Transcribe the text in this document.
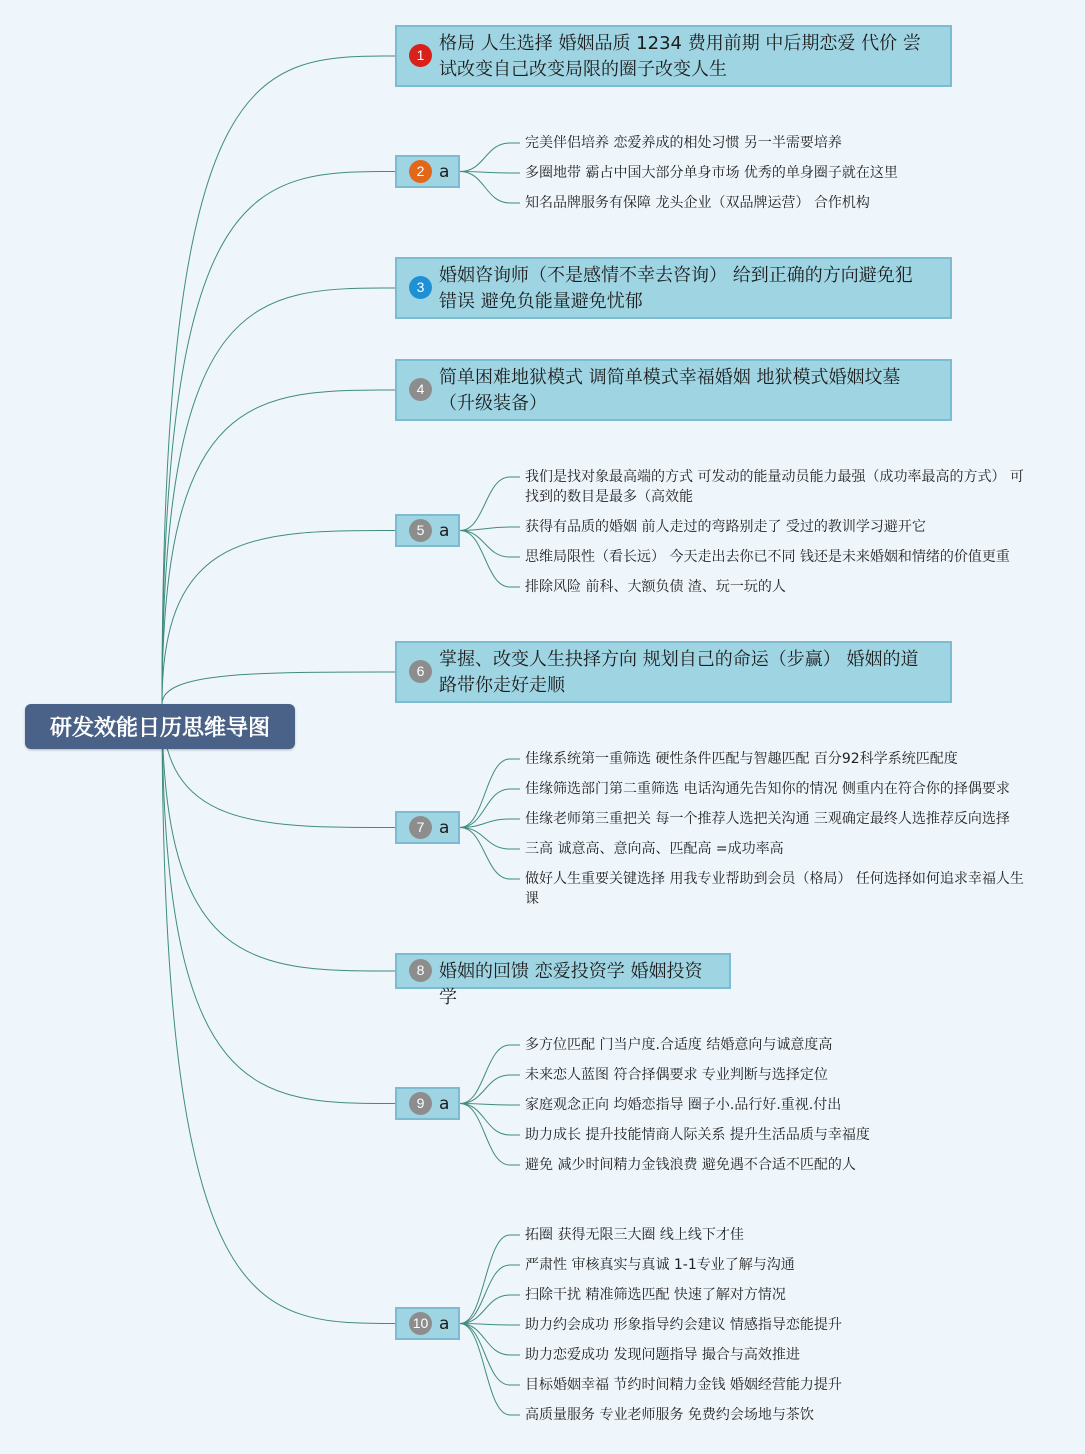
研发效能日历思维导图
1
格局 人生选择 婚姻品质 1234 费用前期 中后期恋爱 代价 尝试改变自己改变局限的圈子改变人生
2 a
完美伴侣培养 恋爱养成的相处习惯 另一半需要培养
多圈地带 霸占中国大部分单身市场 优秀的单身圈子就在这里
知名品牌服务有保障 龙头企业（双品牌运营） 合作机构
3
婚姻咨询师（不是感情不幸去咨询） 给到正确的方向避免犯错误 避免负能量避免忧郁
4
简单困难地狱模式 调简单模式幸福婚姻 地狱模式婚姻坟墓（升级装备）
5 a
我们是找对象最高端的方式 可发动的能量动员能力最强（成功率最高的方式） 可找到的数目是最多（高效能
获得有品质的婚姻 前人走过的弯路别走了 受过的教训学习避开它
思维局限性（看长远） 今天走出去你已不同 钱还是未来婚姻和情绪的价值更重
排除风险 前科、大额负债 渣、玩一玩的人
6
掌握、改变人生抉择方向 规划自己的命运（步赢） 婚姻的道路带你走好走顺
7 a
佳缘系统第一重筛选 硬性条件匹配与智趣匹配 百分92科学系统匹配度
佳缘筛选部门第二重筛选 电话沟通先告知你的情况 侧重内在符合你的择偶要求
佳缘老师第三重把关 每一个推荐人选把关沟通 三观确定最终人选推荐反向选择
三高 诚意高、意向高、匹配高 =成功率高
做好人生重要关键选择 用我专业帮助到会员（格局） 任何选择如何追求幸福人生课
8 婚姻的回馈 恋爱投资学 婚姻投资学
9 a
多方位匹配 门当户度.合适度 结婚意向与诚意度高
未来恋人蓝图 符合择偶要求 专业判断与选择定位
家庭观念正向 均婚恋指导 圈子小.品行好.重视.付出
助力成长 提升技能情商人际关系 提升生活品质与幸福度
避免 减少时间精力金钱浪费 避免遇不合适不匹配的人
10 a
拓圈 获得无限三大圈 线上线下才佳
严肃性 审核真实与真诚 1-1专业了解与沟通
扫除干扰 精准筛选匹配 快速了解对方情况
助力约会成功 形象指导约会建议 情感指导恋能提升
助力恋爱成功 发现问题指导 撮合与高效推进
目标婚姻幸福 节约时间精力金钱 婚姻经营能力提升
高质量服务 专业老师服务 免费约会场地与茶饮
